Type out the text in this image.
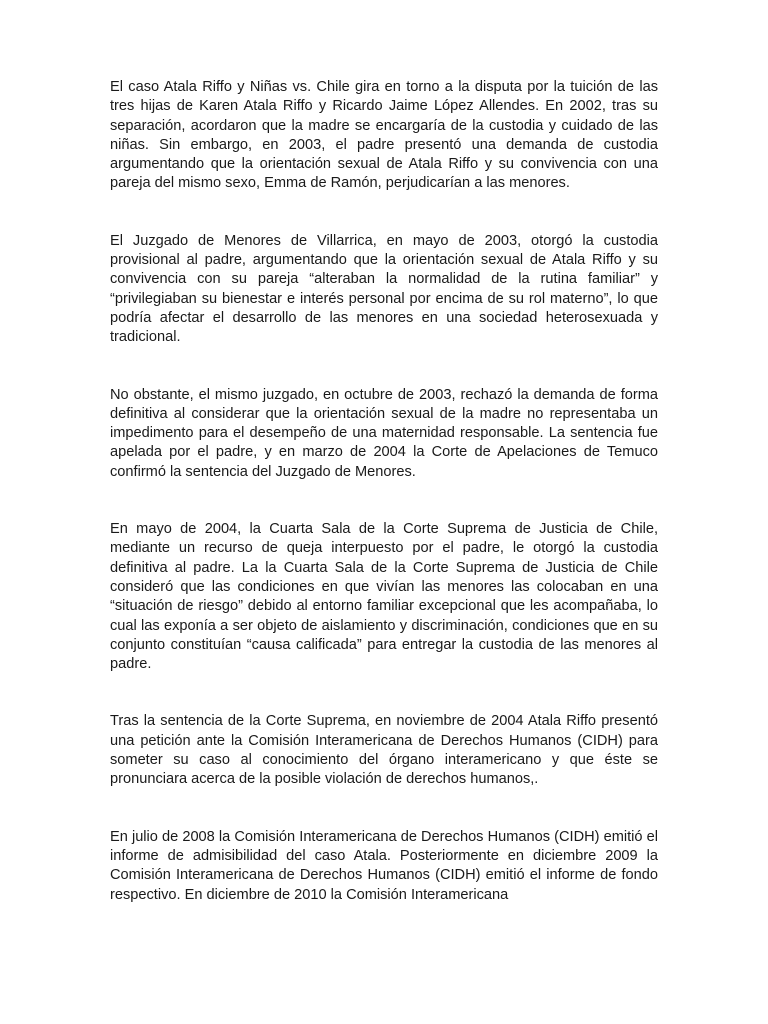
El caso Atala Riffo y Niñas vs. Chile gira en torno a la disputa por la tuición de las tres hijas de Karen Atala Riffo y Ricardo Jaime López Allendes. En 2002, tras su separación, acordaron que la madre se encargaría de la custodia y cuidado de las niñas. Sin embargo, en 2003, el padre presentó una demanda de custodia argumentando que la orientación sexual de Atala Riffo y su convivencia con una pareja del mismo sexo, Emma de Ramón, perjudicarían a las menores.

El Juzgado de Menores de Villarrica, en mayo de 2003, otorgó la custodia provisional al padre, argumentando que la orientación sexual de Atala Riffo y su convivencia con su pareja “alteraban la normalidad de la rutina familiar” y “privilegiaban su bienestar e interés personal por encima de su rol materno”, lo que podría afectar el desarrollo de las menores en una sociedad heterosexuada y tradicional.

No obstante, el mismo juzgado, en octubre de 2003, rechazó la demanda de forma definitiva al considerar que la orientación sexual de la madre no representaba un impedimento para el desempeño de una maternidad responsable. La sentencia fue apelada por el padre, y en marzo de 2004 la Corte de Apelaciones de Temuco confirmó la sentencia del Juzgado de Menores.

En mayo de 2004, la Cuarta Sala de la Corte Suprema de Justicia de Chile, mediante un recurso de queja interpuesto por el padre, le otorgó la custodia definitiva al padre. La la Cuarta Sala de la Corte Suprema de Justicia de Chile consideró que las condiciones en que vivían las menores las colocaban en una “situación de riesgo” debido al entorno familiar excepcional que les acompañaba, lo cual las exponía a ser objeto de aislamiento y discriminación, condiciones que en su conjunto constituían “causa calificada” para entregar la custodia de las menores al padre.

Tras la sentencia de la Corte Suprema, en noviembre de 2004 Atala Riffo presentó una petición ante la Comisión Interamericana de Derechos Humanos (CIDH) para someter su caso al conocimiento del órgano interamericano y que éste se pronunciara acerca de la posible violación de derechos humanos,.

En julio de 2008 la Comisión Interamericana de Derechos Humanos (CIDH) emitió el informe de admisibilidad del caso Atala. Posteriormente en diciembre 2009 la Comisión Interamericana de Derechos Humanos (CIDH) emitió el informe de fondo respectivo. En diciembre de 2010 la Comisión Interamericana
